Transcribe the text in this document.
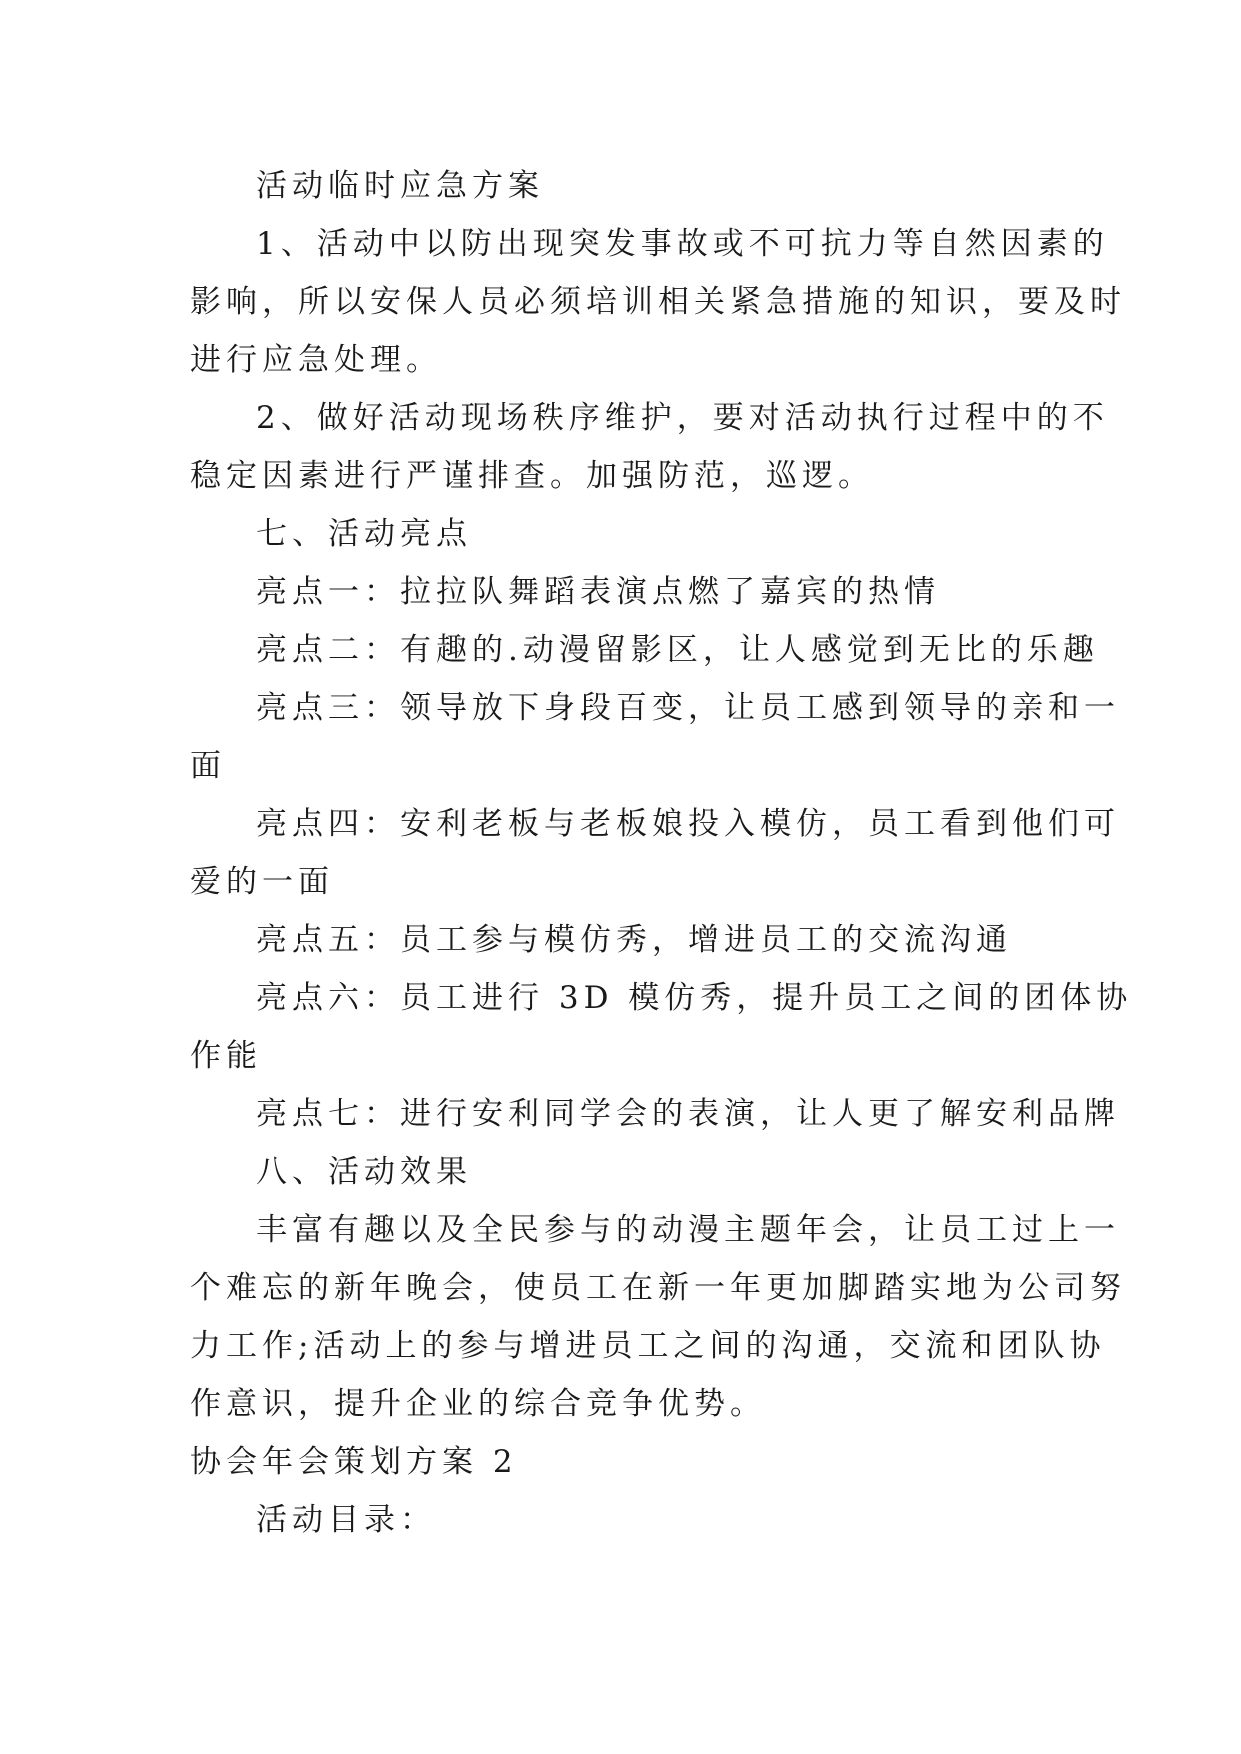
活动临时应急方案
1、活动中以防出现突发事故或不可抗力等自然因素的
影响，所以安保人员必须培训相关紧急措施的知识，要及时
进行应急处理。
2、做好活动现场秩序维护，要对活动执行过程中的不
稳定因素进行严谨排查。加强防范，巡逻。
七、活动亮点
亮点一：拉拉队舞蹈表演点燃了嘉宾的热情
亮点二：有趣的.动漫留影区，让人感觉到无比的乐趣
亮点三：领导放下身段百变，让员工感到领导的亲和一
面
亮点四：安利老板与老板娘投入模仿，员工看到他们可
爱的一面
亮点五：员工参与模仿秀，增进员工的交流沟通
亮点六：员工进行 3D 模仿秀，提升员工之间的团体协
作能
亮点七：进行安利同学会的表演，让人更了解安利品牌
八、活动效果
丰富有趣以及全民参与的动漫主题年会，让员工过上一
个难忘的新年晚会，使员工在新一年更加脚踏实地为公司努
力工作;活动上的参与增进员工之间的沟通，交流和团队协
作意识，提升企业的综合竞争优势。
协会年会策划方案 2
活动目录：
